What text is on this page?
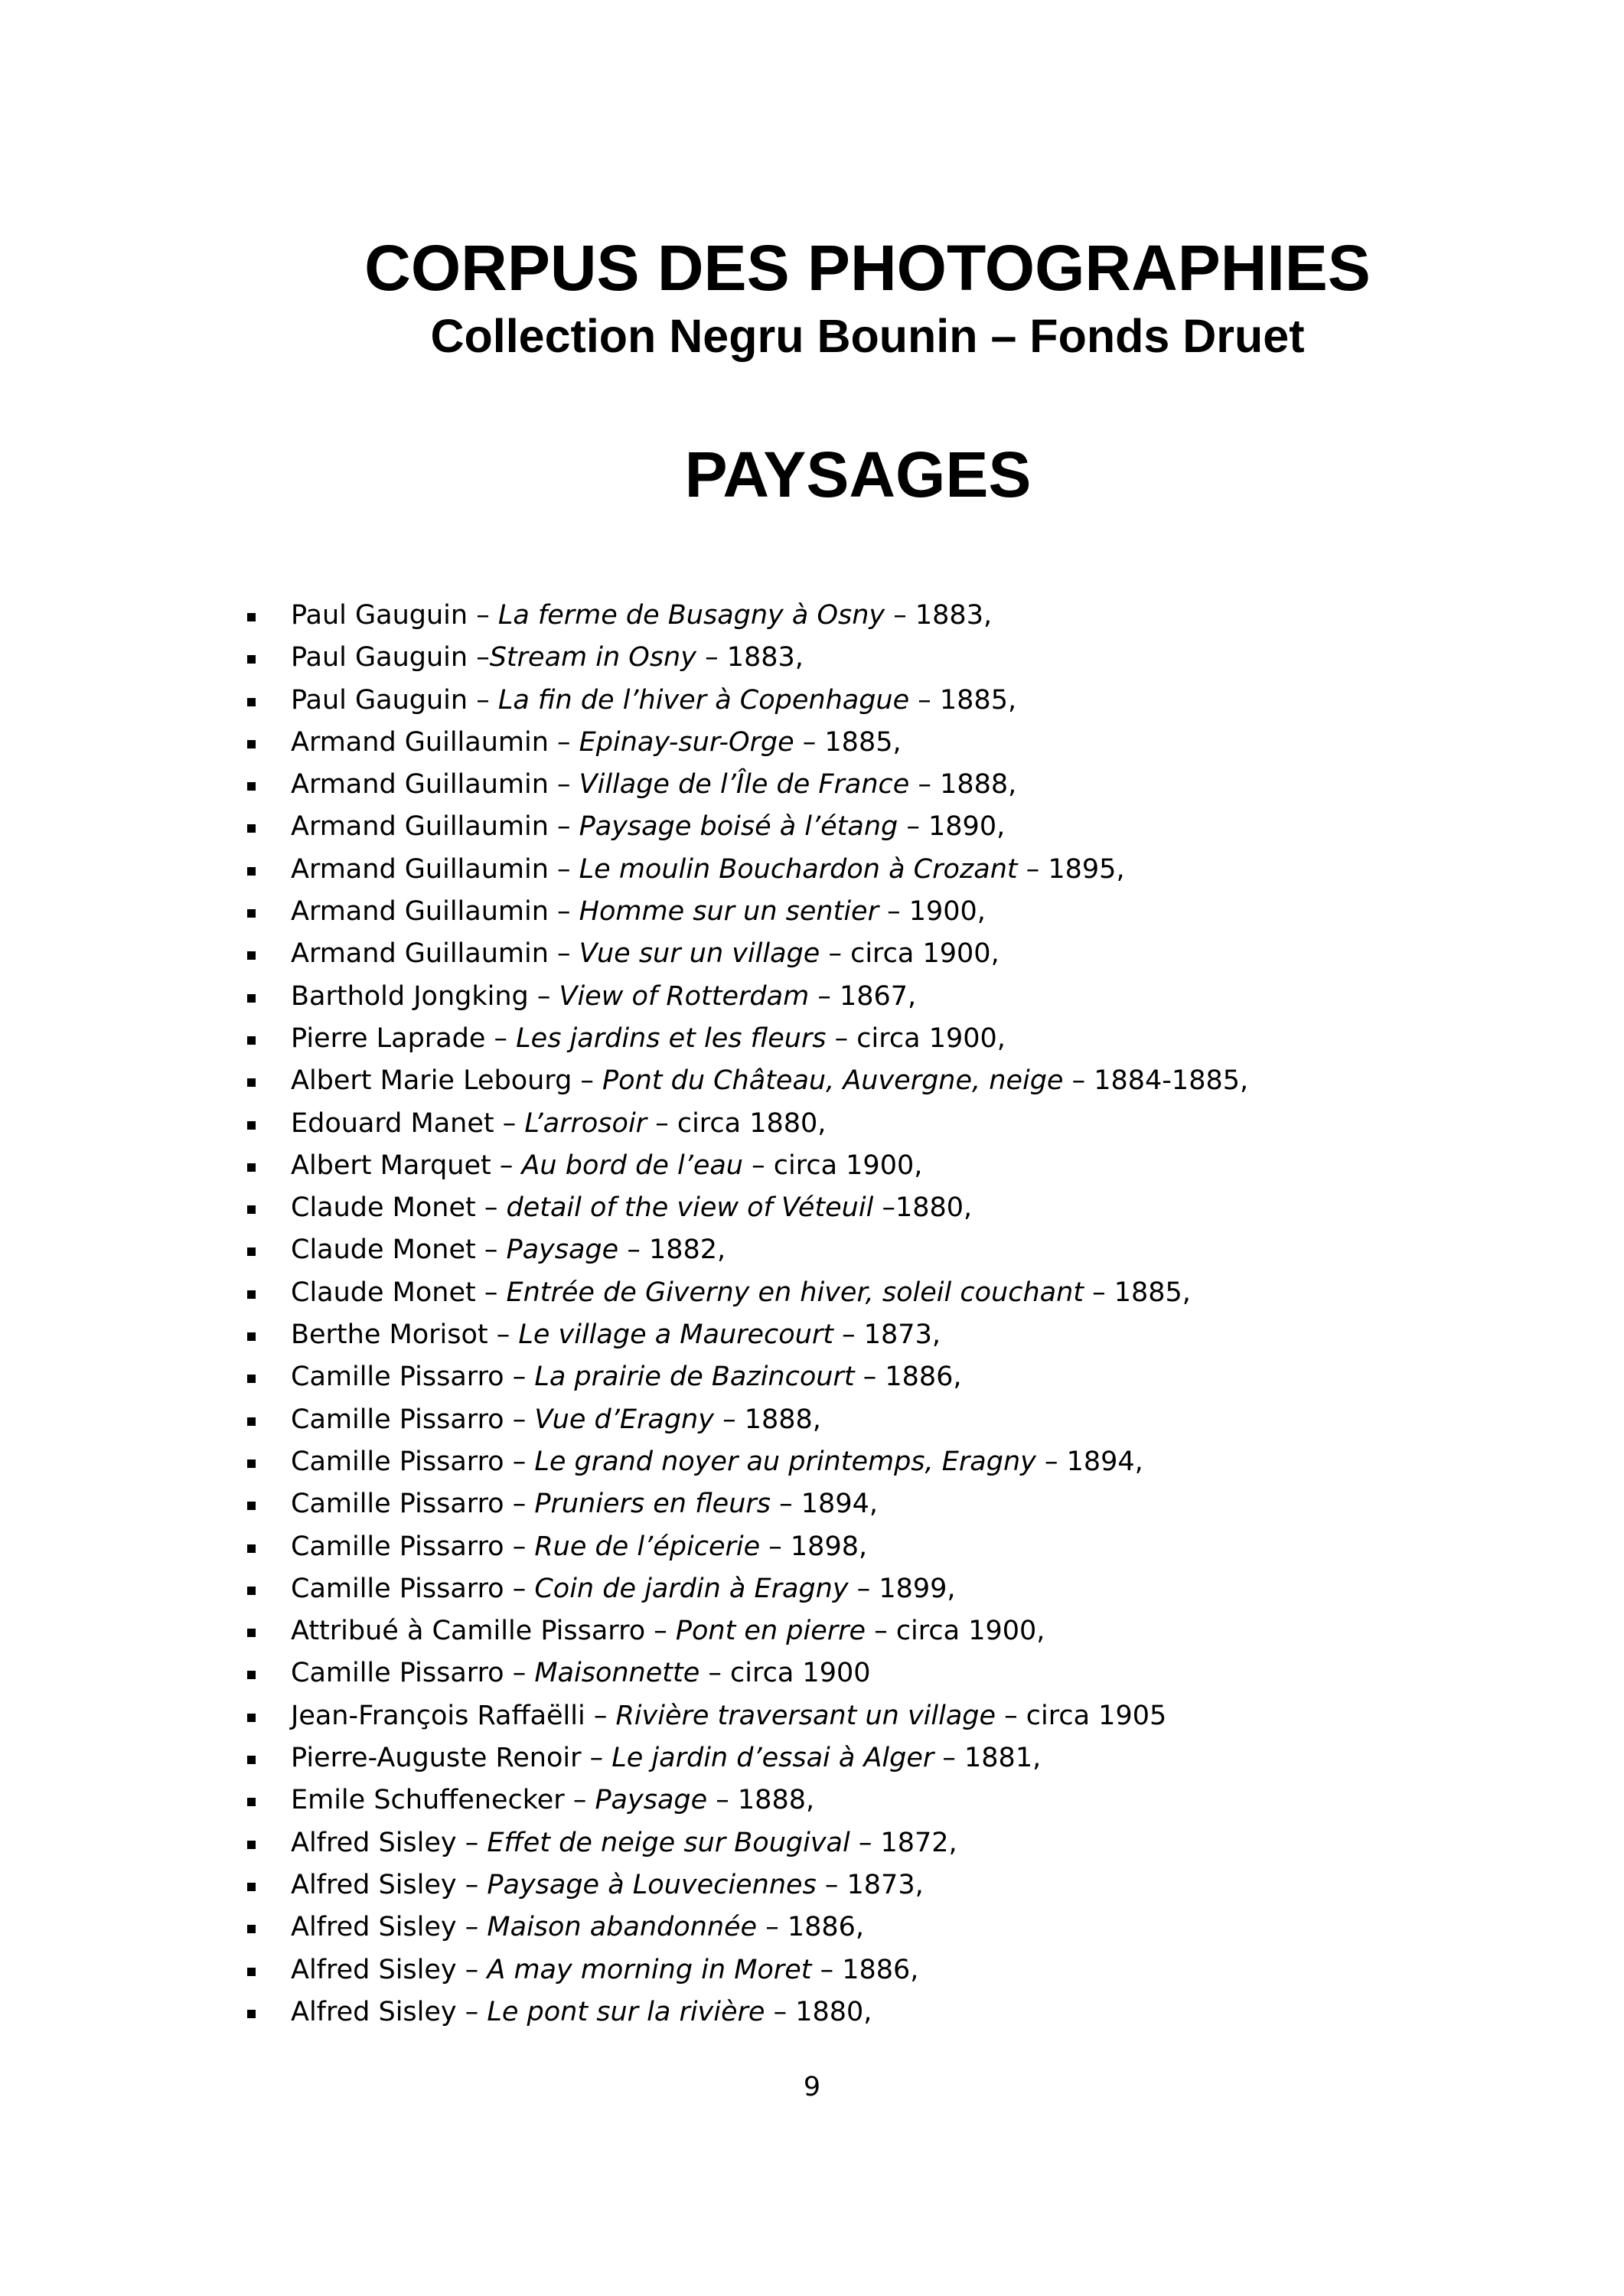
CORPUS DES PHOTOGRAPHIES
Collection Negru Bounin – Fonds Druet
PAYSAGES
Paul Gauguin – La ferme de Busagny à Osny – 1883,
Paul Gauguin –Stream in Osny – 1883,
Paul Gauguin – La fin de l’hiver à Copenhague – 1885,
Armand Guillaumin – Epinay-sur-Orge – 1885,
Armand Guillaumin – Village de l’Île de France – 1888,
Armand Guillaumin – Paysage boisé à l’étang – 1890,
Armand Guillaumin – Le moulin Bouchardon à Crozant – 1895,
Armand Guillaumin – Homme sur un sentier – 1900,
Armand Guillaumin – Vue sur un village – circa 1900,
Barthold Jongking – View of Rotterdam – 1867,
Pierre Laprade – Les jardins et les fleurs – circa 1900,
Albert Marie Lebourg – Pont du Château, Auvergne, neige – 1884-1885,
Edouard Manet – L’arrosoir – circa 1880,
Albert Marquet – Au bord de l’eau – circa 1900,
Claude Monet – detail of the view of Véteuil –1880,
Claude Monet – Paysage – 1882,
Claude Monet – Entrée de Giverny en hiver, soleil couchant – 1885,
Berthe Morisot – Le village a Maurecourt – 1873,
Camille Pissarro – La prairie de Bazincourt – 1886,
Camille Pissarro – Vue d’Eragny – 1888,
Camille Pissarro – Le grand noyer au printemps, Eragny – 1894,
Camille Pissarro – Pruniers en fleurs – 1894,
Camille Pissarro – Rue de l’épicerie – 1898,
Camille Pissarro – Coin de jardin à Eragny – 1899,
Attribué à Camille Pissarro – Pont en pierre – circa 1900,
Camille Pissarro – Maisonnette – circa 1900
Jean-François Raffaëlli – Rivière traversant un village – circa 1905
Pierre-Auguste Renoir – Le jardin d’essai à Alger – 1881,
Emile Schuffenecker – Paysage – 1888,
Alfred Sisley – Effet de neige sur Bougival – 1872,
Alfred Sisley – Paysage à Louveciennes – 1873,
Alfred Sisley – Maison abandonnée – 1886,
Alfred Sisley – A may morning in Moret – 1886,
Alfred Sisley – Le pont sur la rivière – 1880,
9
